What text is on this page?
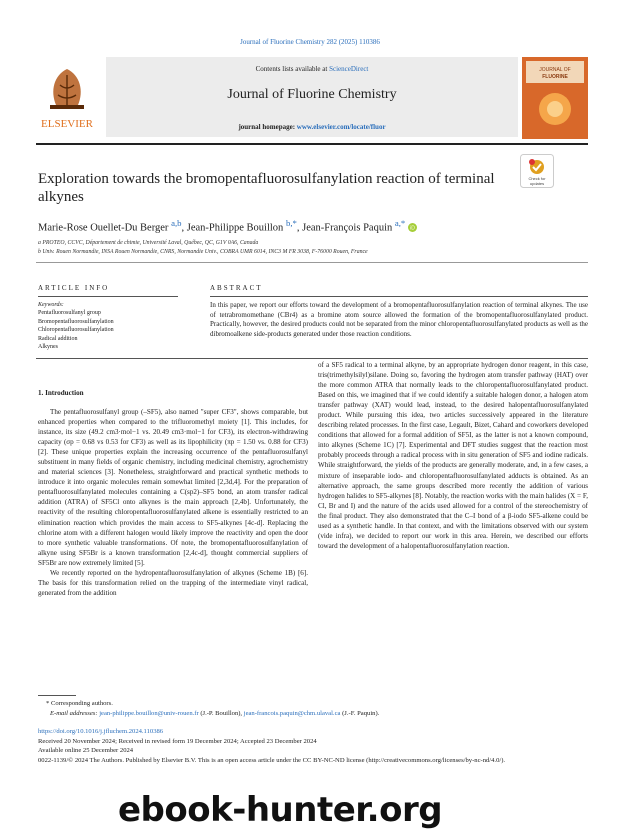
Journal of Fluorine Chemistry 282 (2025) 110386
ELSEVIER
Contents lists available at ScienceDirect
Journal of Fluorine Chemistry
journal homepage: www.elsevier.com/locate/fluor
JOURNAL OF
FLUORINE
Exploration towards the bromopentafluorosulfanylation reaction of terminal alkynes
Check for
updates
Marie-Rose Ouellet-Du Berger $^{a,b}$, Jean-Philippe Bouillon $^{b,*}$, Jean-François Paquin $^{a,*}$ iD
a PROTEO, CCVC, Département de chimie, Université Laval, Québec, QC, G1V 0A6, Canada
b Univ. Rouen Normandie, INSA Rouen Normandie, CNRS, Normandie Univ., COBRA UMR 6014, INC3 M FR 3038, F-76000 Rouen, France
ARTICLE INFO	ABSTRACT
Keywords:
Pentafluorosulfanyl group
Bromopentafluorosulfanylation
Chloropentafluorosulfanylation
Radical addition
Alkynes
In this paper, we report our efforts toward the development of a bromopentafluorosulfanylation reaction of terminal alkynes. The use of tetrabromomethane (CBr4) as a bromine atom source allowed the formation of the bromopentafluorosulfanylated product. Practically, however, the desired products could not be separated from the minor chloropentafluorosulfanylated products as well as the dibromoalkene side-products generated under those reaction conditions.
1. Introduction

The pentafluorosulfanyl group (–SF5), also named "super CF3", shows comparable, but enhanced properties when compared to the trifluoromethyl moiety [1]. This includes, for instance, its size (49.2 cm3·mol−1 vs. 20.49 cm3·mol−1 for CF3), its electron-withdrawing capacity (σp = 0.68 vs 0.53 for CF3) as well as its lipophilicity (πp = 1.50 vs. 0.88 for CF3) [2]. These unique properties explain the increasing occurrence of the pentafluorosulfanyl substituent in many fields of organic chemistry, including medicinal chemistry, agrochemistry and material sciences [3]. Nonetheless, straightforward and practical synthetic methods to introduce it into organic molecules remain somewhat limited [2,3d,4]. For the preparation of pentafluorosulfanylated molecules containing a C(sp2)–SF5 bond, an atom transfer radical addition (ATRA) of SF5Cl onto alkynes is the main approach [2,4b]. Unfortunately, the reactivity of the resulting chloropentafluorosulfanylated alkene is essentially restricted to an elimination reaction which provides the main access to SF5-alkynes [4c-d]. Replacing the chlorine atom with a different halogen would likely improve the reactivity and open the door to more synthetic valuable transformations. Of note, the bromopentafluorosulfanylation of alkyne using SF5Br is a known transformation [2,4c-d], thought commercial suppliers of SF5Br are now extremely limited [5].

We recently reported on the hydropentafluorosulfanylation of alkynes (Scheme 1B) [6]. The basis for this transformation relied on the trapping of the intermediate vinyl radical, generated from the addition

of a SF5 radical to a terminal alkyne, by an appropriate hydrogen donor reagent, in this case, tris(trimethylsilyl)silane. Doing so, favoring the hydrogen atom transfer pathway (HAT) over the more common ATRA that normally leads to the chloropentafluorosulfanylated product. Based on this, we imagined that if we could identify a suitable halogen donor, a halogen atom transfer pathway (XAT) would lead, instead, to the desired halopentafluorosulfanylated product. While pursuing this idea, two articles successively appeared in the literature describing related processes. In the first case, Legault, Bizet, Cahard and coworkers developed conditions that allowed for a formal addition of SF5I, as the latter is not a known compound, into alkynes (Scheme 1C) [7]. Experimental and DFT studies suggest that the reaction most probably proceeds through a radical process with in situ generation of SF5 and iodine radicals. While straightforward, the yields of the products are generally moderate, and, in a few cases, a mixture of inseparable iodo- and chloropentafluorosulfanylated adducts is obtained. As an alternative approach, the same groups described more recently the addition of various hydrogen halides to SF5-alkynes [8]. Notably, the reaction works with the main halides (X = F, Cl, Br and I) and the nature of the acids used allowed for a control of the stereochemistry of the final product. They also demonstrated that the C–I bond of a β-iodo SF5-alkene could be used as a synthetic handle. In that context, and with the limitations observed with our system (vide infra), we decided to report our work in this area. Herein, we described our efforts toward the development of a halopentafluorosulfanylation reaction.

* Corresponding authors.
E-mail addresses: jean-philippe.bouillon@univ-rouen.fr (J.-P. Bouillon), jean-francois.paquin@chm.ulaval.ca (J.-F. Paquin).
https://doi.org/10.1016/j.jfluchem.2024.110386
Received 20 November 2024; Received in revised form 19 December 2024; Accepted 23 December 2024
Available online 25 December 2024
0022-1139/© 2024 The Authors. Published by Elsevier B.V. This is an open access article under the CC BY-NC-ND license (http://creativecommons.org/licenses/by-nc-nd/4.0/).
ebook-hunter.org
